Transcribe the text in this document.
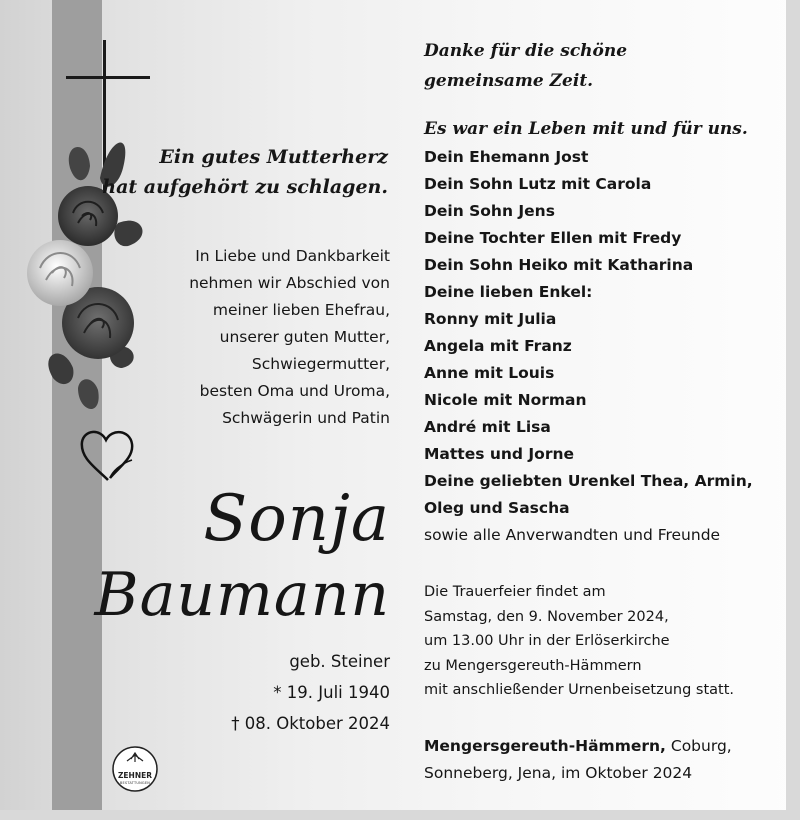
ZEHNER
BESTATTUNGEN
Ein gutes Mutterherz
hat aufgehört zu schlagen.
In Liebe und Dankbarkeit
nehmen wir Abschied von
meiner lieben Ehefrau,
unserer guten Mutter,
Schwiegermutter,
besten Oma und Uroma,
Schwägerin und Patin
Sonja
Baumann
geb. Steiner
* 19. Juli 1940
† 08. Oktober 2024
Danke für die schöne
gemeinsame Zeit.
Es war ein Leben mit und für uns.
Dein Ehemann Jost
Dein Sohn Lutz mit Carola
Dein Sohn Jens
Deine Tochter Ellen mit Fredy
Dein Sohn Heiko mit Katharina
Deine lieben Enkel:
Ronny mit Julia
Angela mit Franz
Anne mit Louis
Nicole mit Norman
André mit Lisa
Mattes und Jorne
Deine geliebten Urenkel Thea, Armin,
Oleg und Sascha
sowie alle Anverwandten und Freunde
Die Trauerfeier findet am
Samstag, den 9. November 2024,
um 13.00 Uhr in der Erlöserkirche
zu Mengersgereuth-Hämmern
mit anschließender Urnenbeisetzung statt.
Mengersgereuth-Hämmern, Coburg,
Sonneberg, Jena, im Oktober 2024
